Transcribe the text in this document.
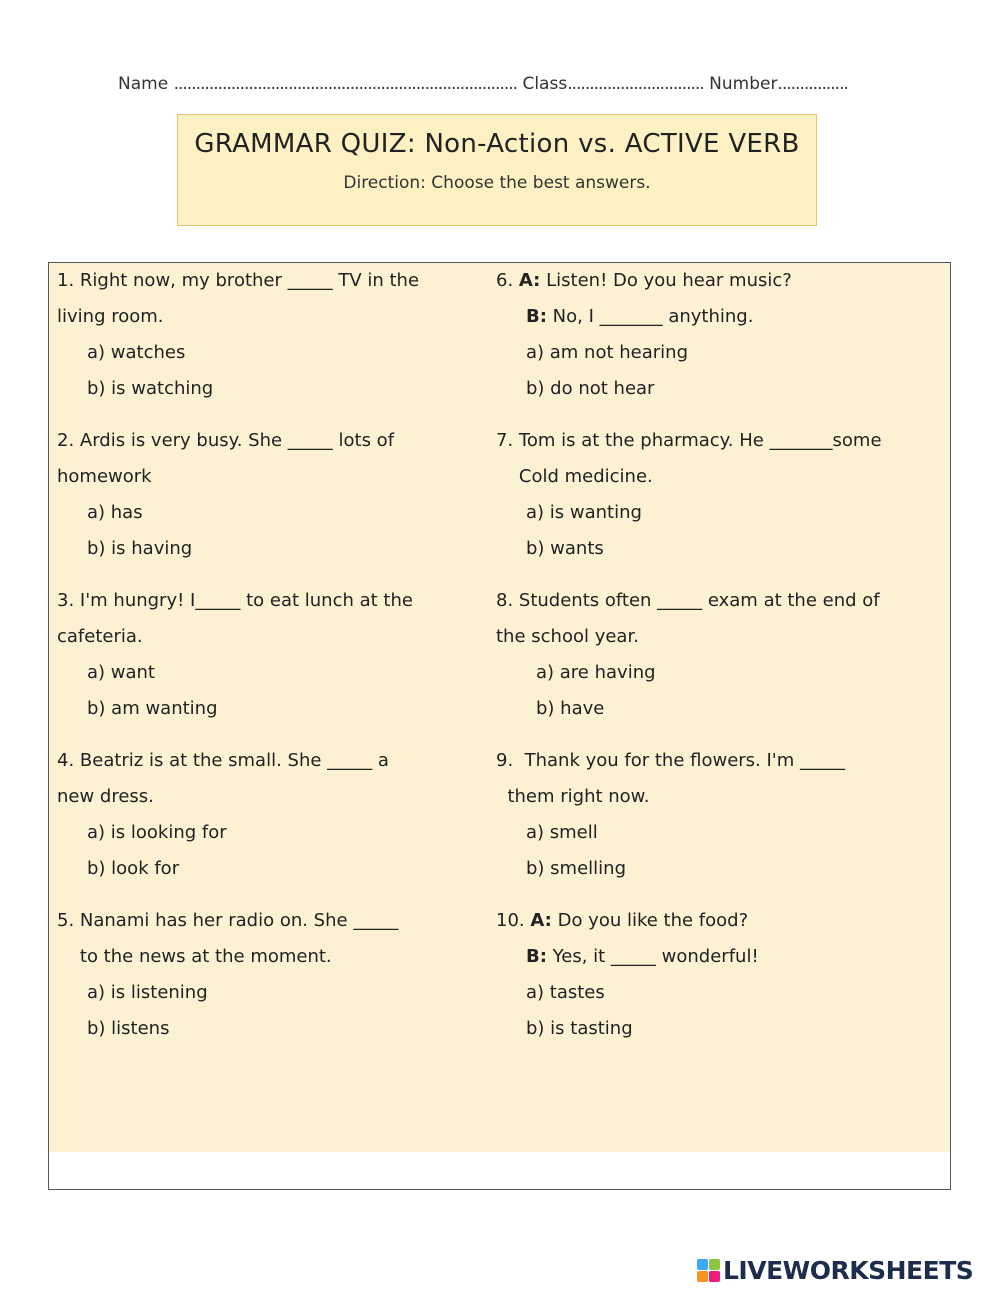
Name .............................................................................. Class............................... Number................
GRAMMAR QUIZ: Non-Action vs. ACTIVE VERB
Direction: Choose the best answers.
1. Right now, my brother _____ TV in the
living room.
a) watches
b) is watching
2. Ardis is very busy. She _____ lots of
homework
a) has
b) is having
3. I'm hungry! I_____ to eat lunch at the
cafeteria.
a) want
b) am wanting
4. Beatriz is at the small. She _____ a
new dress.
a) is looking for
b) look for
5. Nanami has her radio on. She _____
to the news at the moment.
a) is listening
b) listens
6. A: Listen! Do you hear music?
B: No, I _______ anything.
a) am not hearing
b) do not hear
7. Tom is at the pharmacy. He _______some
Cold medicine.
a) is wanting
b) wants
8. Students often _____ exam at the end of
the school year.
a) are having
b) have
9.  Thank you for the flowers. I'm _____
them right now.
a) smell
b) smelling
10. A: Do you like the food?
B: Yes, it _____ wonderful!
a) tastes
b) is tasting
LIVEWORKSHEETS
